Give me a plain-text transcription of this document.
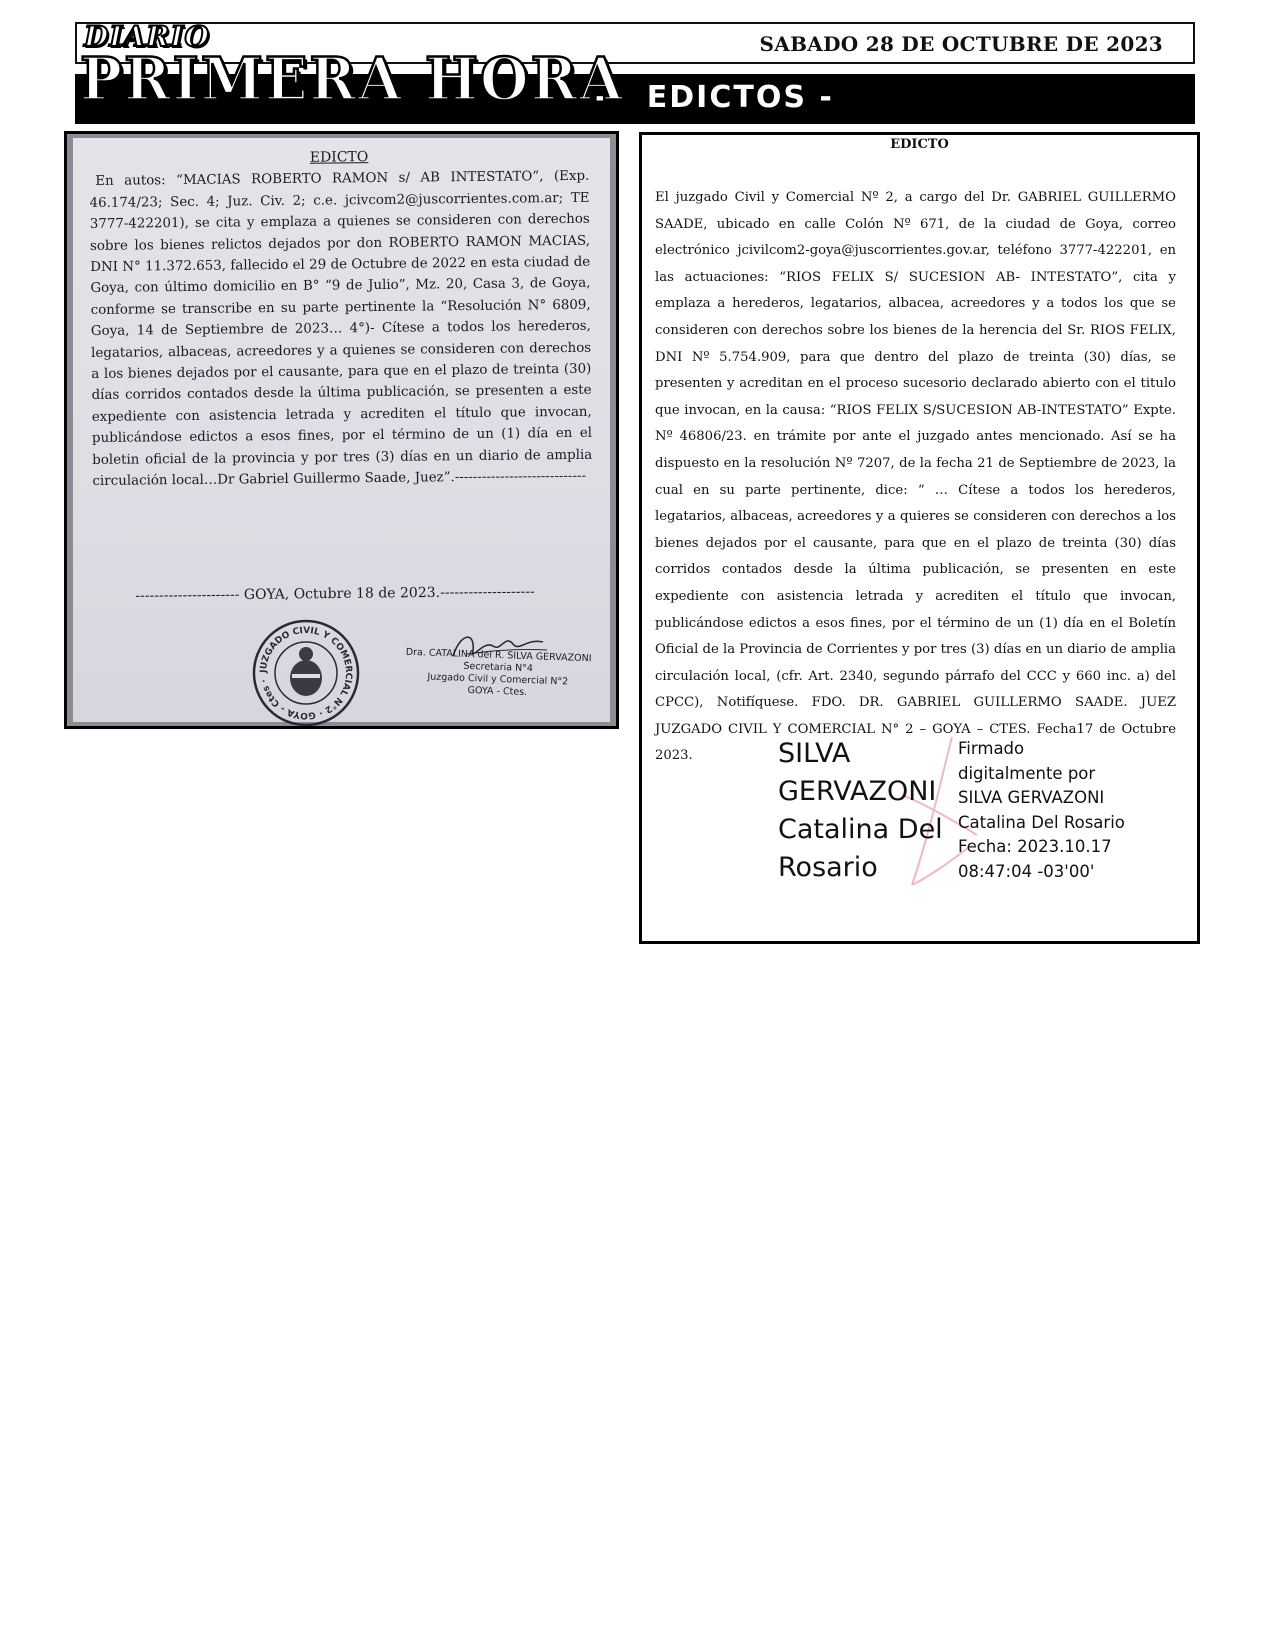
SABADO 28 DE OCTUBRE DE 2023
-   EDICTOS -
DIARIO
PRIMERA HORA
EDICTO
En autos: “MACIAS ROBERTO RAMON s/ AB INTESTATO”, (Exp. 46.174/23; Sec. 4; Juz. Civ. 2; c.e. jcivcom2@juscorrientes.com.ar; TE 3777-422201), se cita y emplaza a quienes se consideren con derechos sobre los bienes relictos dejados por don ROBERTO RAMON MACIAS, DNI N° 11.372.653, fallecido el 29 de Octubre de 2022 en esta ciudad de Goya, con último domicilio en B° “9 de Julio”, Mz. 20, Casa 3, de Goya, conforme se transcribe en su parte pertinente la “Resolución N° 6809, Goya, 14 de Septiembre de 2023… 4°)- Cítese a todos los herederos, legatarios, albaceas, acreedores y a quienes se consideren con derechos a los bienes dejados por el causante, para que en el plazo de treinta (30) días corridos contados desde la última publicación, se presenten a este expediente con asistencia letrada y acrediten el título que invocan, publicándose edictos a esos fines, por el término de un (1) día en el boletin oficial de la provincia y por tres (3) días en un diario de amplia circulación local…Dr Gabriel Guillermo Saade, Juez”.-----------------------------
---------------------- GOYA, Octubre 18 de 2023.--------------------
JUZGADO CIVIL Y COMERCIAL N°2 · GOYA - Ctes ·
Dra. CATALINA del R. SILVA GERVAZONI
Secretaria N°4
Juzgado Civil y Comercial N°2
GOYA - Ctes.
EDICTO
El juzgado Civil y Comercial Nº 2, a cargo del Dr. GABRIEL GUILLERMO SAADE, ubicado en calle Colón Nº 671, de la ciudad de Goya, correo electrónico jcivilcom2-goya@juscorrientes.gov.ar, teléfono 3777-422201, en las actuaciones: “RIOS FELIX S/ SUCESION AB- INTESTATO”, cita y emplaza a herederos, legatarios, albacea, acreedores y a todos los que se consideren con derechos sobre los bienes de la herencia del Sr. RIOS FELIX, DNI Nº 5.754.909, para que dentro del plazo de treinta (30) días, se presenten y acreditan en el proceso sucesorio declarado abierto con el titulo que invocan, en la causa: “RIOS FELIX S/SUCESION AB-INTESTATO” Expte. Nº 46806/23. en trámite por ante el juzgado antes mencionado. Así se ha dispuesto en la resolución Nº 7207, de la fecha 21 de Septiembre de 2023, la cual en su parte pertinente, dice: “ … Cítese a todos los herederos, legatarios, albaceas, acreedores y a quieres se consideren con derechos a los bienes dejados por el causante, para que en el plazo de treinta (30) días corridos contados desde la última publicación, se presenten en este expediente con asistencia letrada y acrediten el título que invocan, publicándose edictos a esos fines, por el término de un (1) día en el Boletín Oficial de la Provincia de Corrientes y por tres (3) días en un diario de amplia circulación local, (cfr. Art. 2340, segundo párrafo del CCC y 660 inc. a) del CPCC), Notifíquese. FDO. DR. GABRIEL GUILLERMO SAADE. JUEZ JUZGADO CIVIL Y COMERCIAL N° 2 – GOYA – CTES. Fecha17 de Octubre 2023.	SILVA
GERVAZONI
Catalina Del
Rosario
Firmado
digitalmente por
SILVA GERVAZONI
Catalina Del Rosario
Fecha: 2023.10.17
08:47:04 -03'00'
